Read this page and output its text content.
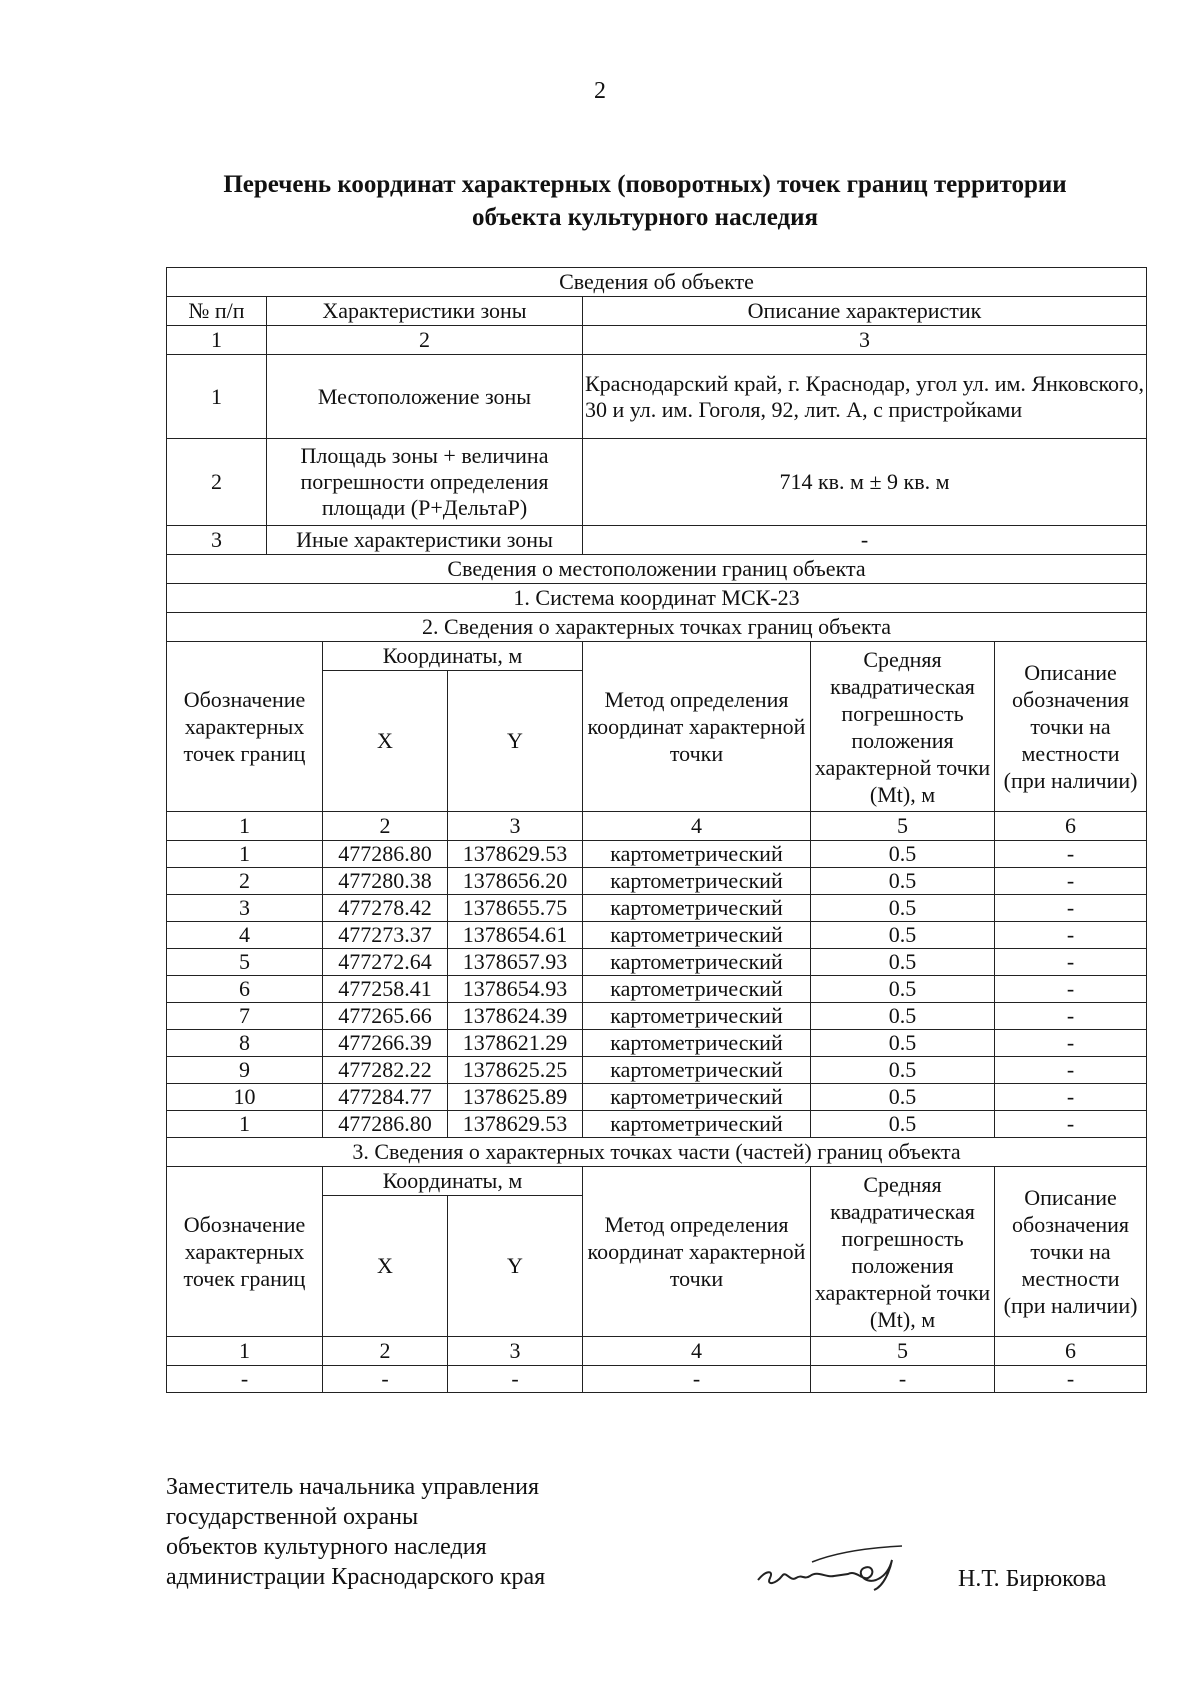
2
Перечень координат характерных (поворотных) точек границ территории
объекта культурного наследия
Сведения об объекте						
№ п/п	Характеристики зоны			Описание характеристик		
1	2			3		
1	Местоположение зоны			Краснодарский край, г. Краснодар, угол ул. им. Янковского, 30 и ул. им. Гоголя, 92, лит. А, с пристройками		
2	Площадь зоны + величина погрешности определения площади (Р+ДельтаР)			714 кв. м ± 9 кв. м		
3	Иные характеристики зоны			-		
Сведения о местоположении границ объекта						
1. Система координат МСК-23						
2. Сведения о характерных точках границ объекта						
Обозначение характерных точек границ		Координаты, м		Метод определения координат характерной точки	Средняя квадратическая погрешность положения характерной точки (Mt), м	Описание обозначения точки на местности (при наличии)
		X	Y			
1		2	3	4	5	6
1		477286.80	1378629.53	картометрический	0.5	-
2		477280.38	1378656.20	картометрический	0.5	-
3		477278.42	1378655.75	картометрический	0.5	-
4		477273.37	1378654.61	картометрический	0.5	-
5		477272.64	1378657.93	картометрический	0.5	-
6		477258.41	1378654.93	картометрический	0.5	-
7		477265.66	1378624.39	картометрический	0.5	-
8		477266.39	1378621.29	картометрический	0.5	-
9		477282.22	1378625.25	картометрический	0.5	-
10		477284.77	1378625.89	картометрический	0.5	-
1		477286.80	1378629.53	картометрический	0.5	-
3. Сведения о характерных точках части (частей) границ объекта						
Обозначение характерных точек границ		Координаты, м		Метод определения координат характерной точки	Средняя квадратическая погрешность положения характерной точки (Mt), м	Описание обозначения точки на местности (при наличии)
		X	Y			
1		2	3	4	5	6
-		-	-	-	-	-
Заместитель начальника управления
государственной охраны
объектов культурного наследия
администрации Краснодарского края	Н.Т. Бирюкова
